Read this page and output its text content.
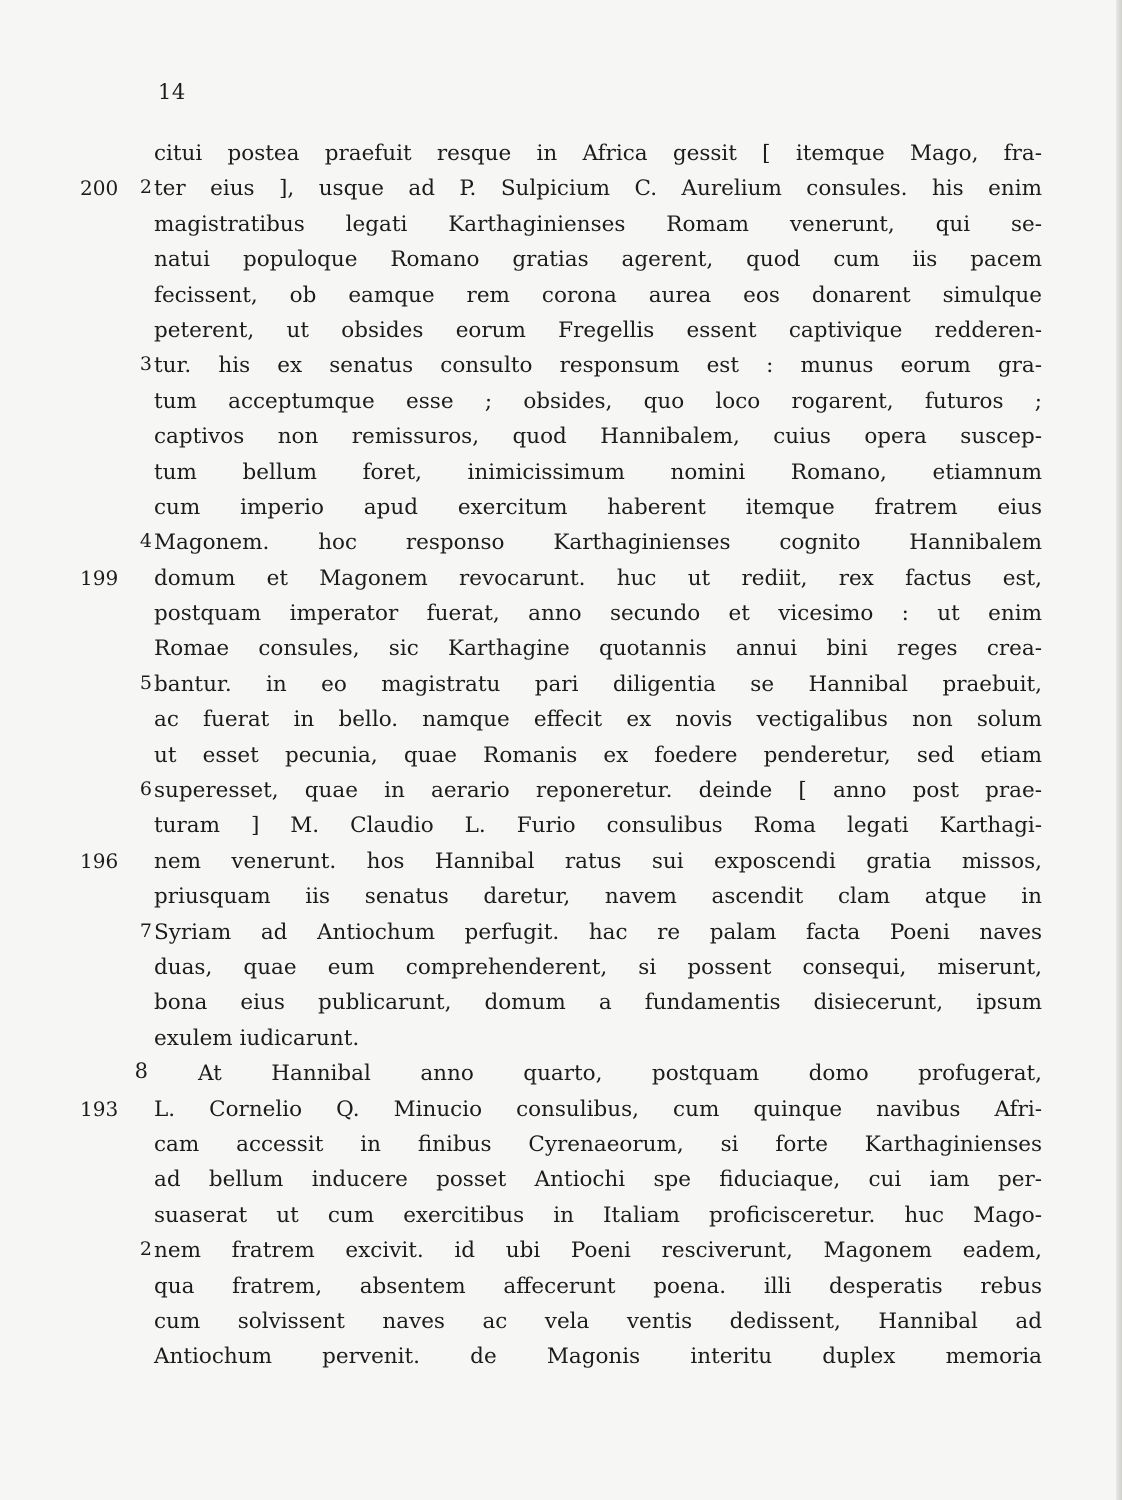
14
citui postea praefuit resque in Africa gessit [ itemque Mago, fra-
200	2 ter eius ], usque ad P. Sulpicium C. Aurelium consules. his enim
magistratibus legati Karthaginienses Romam venerunt, qui se-
natui populoque Romano gratias agerent, quod cum iis pacem
fecissent, ob eamque rem corona aurea eos donarent simulque
peterent, ut obsides eorum Fregellis essent captivique redderen-
3 tur. his ex senatus consulto responsum est : munus eorum gra-
tum acceptumque esse ; obsides, quo loco rogarent, futuros ;
captivos non remissuros, quod Hannibalem, cuius opera suscep-
tum bellum foret, inimicissimum nomini Romano, etiamnum
cum imperio apud exercitum haberent itemque fratrem eius
4 Magonem. hoc responso Karthaginienses cognito Hannibalem
199	domum et Magonem revocarunt. huc ut rediit, rex factus est,
postquam imperator fuerat, anno secundo et vicesimo : ut enim
Romae consules, sic Karthagine quotannis annui bini reges crea-
5 bantur. in eo magistratu pari diligentia se Hannibal praebuit,
ac fuerat in bello. namque effecit ex novis vectigalibus non solum
ut esset pecunia, quae Romanis ex foedere penderetur, sed etiam
6 superesset, quae in aerario reponeretur. deinde [ anno post prae-
turam ] M. Claudio L. Furio consulibus Roma legati Karthagi-
196	nem venerunt. hos Hannibal ratus sui exposcendi gratia missos,
priusquam iis senatus daretur, navem ascendit clam atque in
7 Syriam ad Antiochum perfugit. hac re palam facta Poeni naves
duas, quae eum comprehenderent, si possent consequi, miserunt,
bona eius publicarunt, domum a fundamentis disiecerunt, ipsum
exulem iudicarunt.
8 At Hannibal anno quarto, postquam domo profugerat,
193	L. Cornelio Q. Minucio consulibus, cum quinque navibus Afri-
cam accessit in finibus Cyrenaeorum, si forte Karthaginienses
ad bellum inducere posset Antiochi spe fiduciaque, cui iam per-
suaserat ut cum exercitibus in Italiam proficisceretur. huc Mago-
2 nem fratrem excivit. id ubi Poeni resciverunt, Magonem eadem,
qua fratrem, absentem affecerunt poena. illi desperatis rebus
cum solvissent naves ac vela ventis dedissent, Hannibal ad
Antiochum pervenit. de Magonis interitu duplex memoria
